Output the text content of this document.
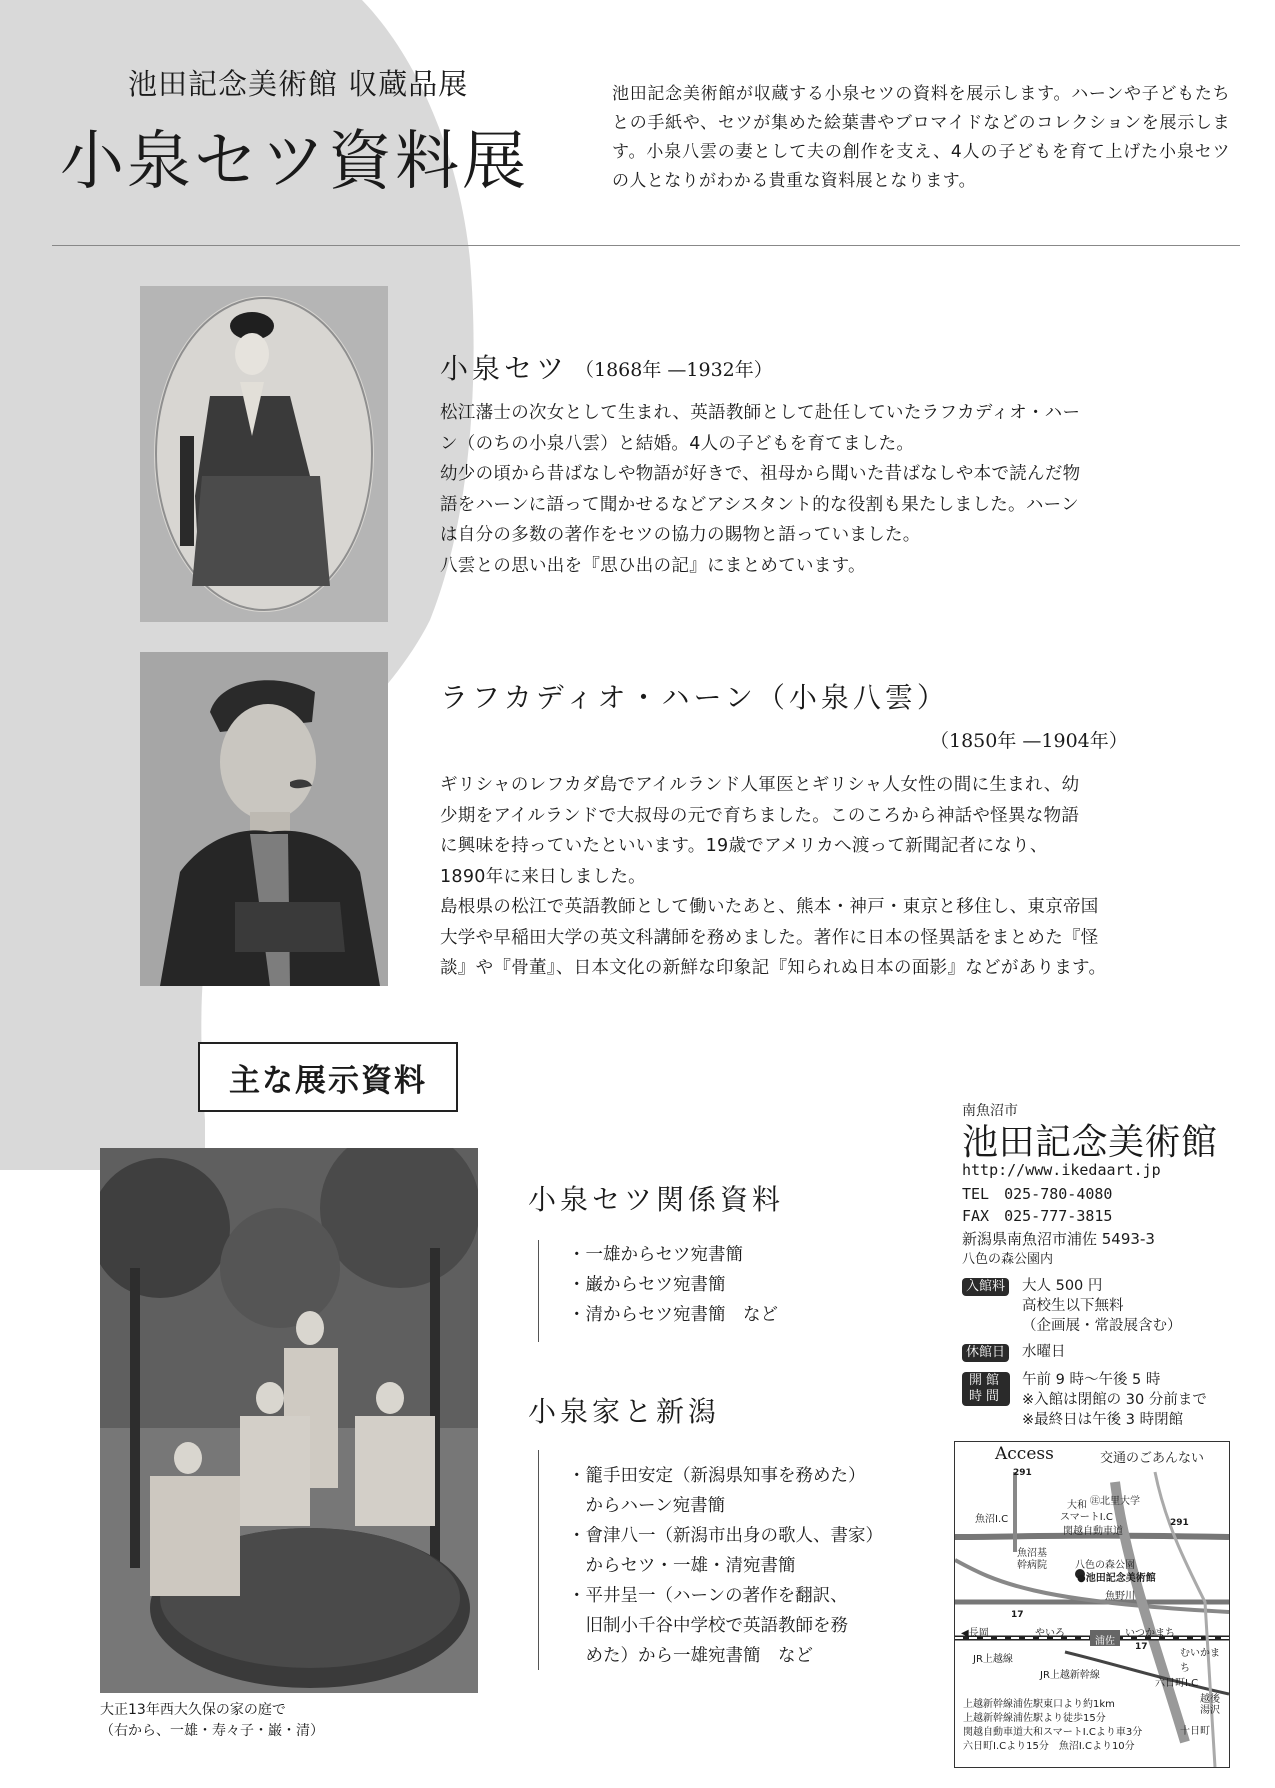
池田記念美術館 収蔵品展
小泉セツ資料展
池田記念美術館が収蔵する小泉セツの資料を展示します。ハーンや子どもたちとの手紙や、セツが集めた絵葉書やブロマイドなどのコレクションを展示します。小泉八雲の妻として夫の創作を支え、4人の子どもを育て上げた小泉セツの人となりがわかる貴重な資料展となります。
小泉セツ （1868年 —1932年）
松江藩士の次女として生まれ、英語教師として赴任していたラフカディオ・ハー
ン（のちの小泉八雲）と結婚。4人の子どもを育てました。
幼少の頃から昔ばなしや物語が好きで、祖母から聞いた昔ばなしや本で読んだ物
語をハーンに語って聞かせるなどアシスタント的な役割も果たしました。ハーン
は自分の多数の著作をセツの協力の賜物と語っていました。
八雲との思い出を『思ひ出の記』にまとめています。
ラフカディオ・ハーン（小泉八雲）
（1850年 —1904年）
ギリシャのレフカダ島でアイルランド人軍医とギリシャ人女性の間に生まれ、幼
少期をアイルランドで大叔母の元で育ちました。このころから神話や怪異な物語
に興味を持っていたといいます。19歳でアメリカへ渡って新聞記者になり、
1890年に来日しました。
島根県の松江で英語教師として働いたあと、熊本・神戸・東京と移住し、東京帝国
大学や早稲田大学の英文科講師を務めました。著作に日本の怪異話をまとめた『怪
談』や『骨董』、日本文化の新鮮な印象記『知られぬ日本の面影』などがあります。
主な展示資料
大正13年西大久保の家の庭で
（右から、一雄・寿々子・巌・清）
小泉セツ関係資料
・一雄からセツ宛書簡
・巌からセツ宛書簡
・清からセツ宛書簡　など
小泉家と新潟
・籠手田安定（新潟県知事を務めた）
　からハーン宛書簡
・會津八一（新潟市出身の歌人、書家）
　からセツ・一雄・清宛書簡
・平井呈一（ハーンの著作を翻訳、
　旧制小千谷中学校で英語教師を務
　めた）から一雄宛書簡　など
南魚沼市
池田記念美術館
http://www.ikedaart.jp
TEL　025-780-4080
FAX　025-777-3815
新潟県南魚沼市浦佐 5493-3
八色の森公園内
入館料 大人 500 円
高校生以下無料
（企画展・常設展含む）
休館日 水曜日
開館時間
午前 9 時〜午後 5 時
※入館は閉館の 30 分前まで
※最終日は午後 3 時閉館
Access	交通のごあんない
291
291
㊟北里大学
魚沼I.C
大和
スマートI.C
関越自動車道
魚沼基
幹病院	八色の森公園
●池田記念美術館
魚野川
17
◀長岡	やいろ
浦佐
いつかまち
むいかまち
17
JR上越線
JR上越新幹線
六日町I.C
越後
湯沢
十日町
上越新幹線浦佐駅東口より約1km
上越新幹線浦佐駅より徒歩15分
関越自動車道大和スマートI.Cより車3分
六日町I.Cより15分　魚沼I.Cより10分
